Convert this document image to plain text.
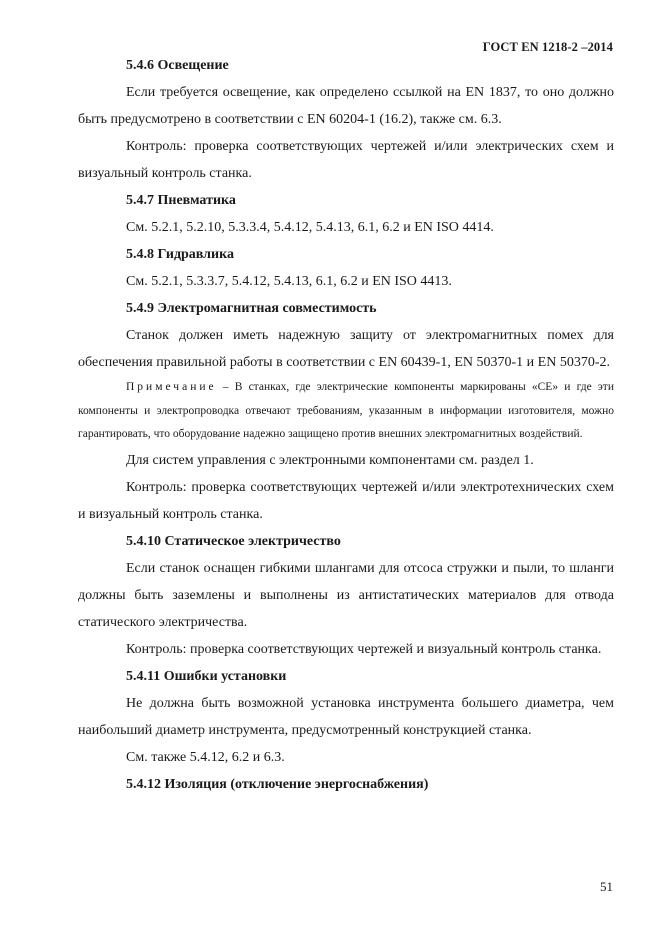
ГОСТ EN 1218-2 –2014

5.4.6 Освещение

Если требуется освещение, как определено ссылкой на EN 1837, то оно должно быть предусмотрено в соответствии с EN 60204-1 (16.2), также см. 6.3.

Контроль: проверка соответствующих чертежей и/или электрических схем и визуальный контроль станка.

5.4.7 Пневматика

См. 5.2.1, 5.2.10, 5.3.3.4, 5.4.12, 5.4.13, 6.1, 6.2 и EN ISO 4414.

5.4.8 Гидравлика

См. 5.2.1, 5.3.3.7, 5.4.12, 5.4.13, 6.1, 6.2 и EN ISO 4413.

5.4.9 Электромагнитная совместимость

Станок должен иметь надежную защиту от электромагнитных помех для обеспечения правильной работы в соответствии с EN 60439-1, EN 50370-1 и EN 50370-2.

Примечание – В станках, где электрические компоненты маркированы «CE» и где эти компоненты и электропроводка отвечают требованиям, указанным в информации изготовителя, можно гарантировать, что оборудование надежно защищено против внешних электромагнитных воздействий.

Для систем управления с электронными компонентами см. раздел 1.

Контроль: проверка соответствующих чертежей и/или электротехнических схем и визуальный контроль станка.

5.4.10 Статическое электричество

Если станок оснащен гибкими шлангами для отсоса стружки и пыли, то шланги должны быть заземлены и выполнены из антистатических материалов для отвода статического электричества.

Контроль: проверка соответствующих чертежей и визуальный контроль станка.

5.4.11 Ошибки установки

Не должна быть возможной установка инструмента большего диаметра, чем наибольший диаметр инструмента, предусмотренный конструкцией станка.

См. также 5.4.12, 6.2 и 6.3.

5.4.12 Изоляция (отключение энергоснабжения)

51
